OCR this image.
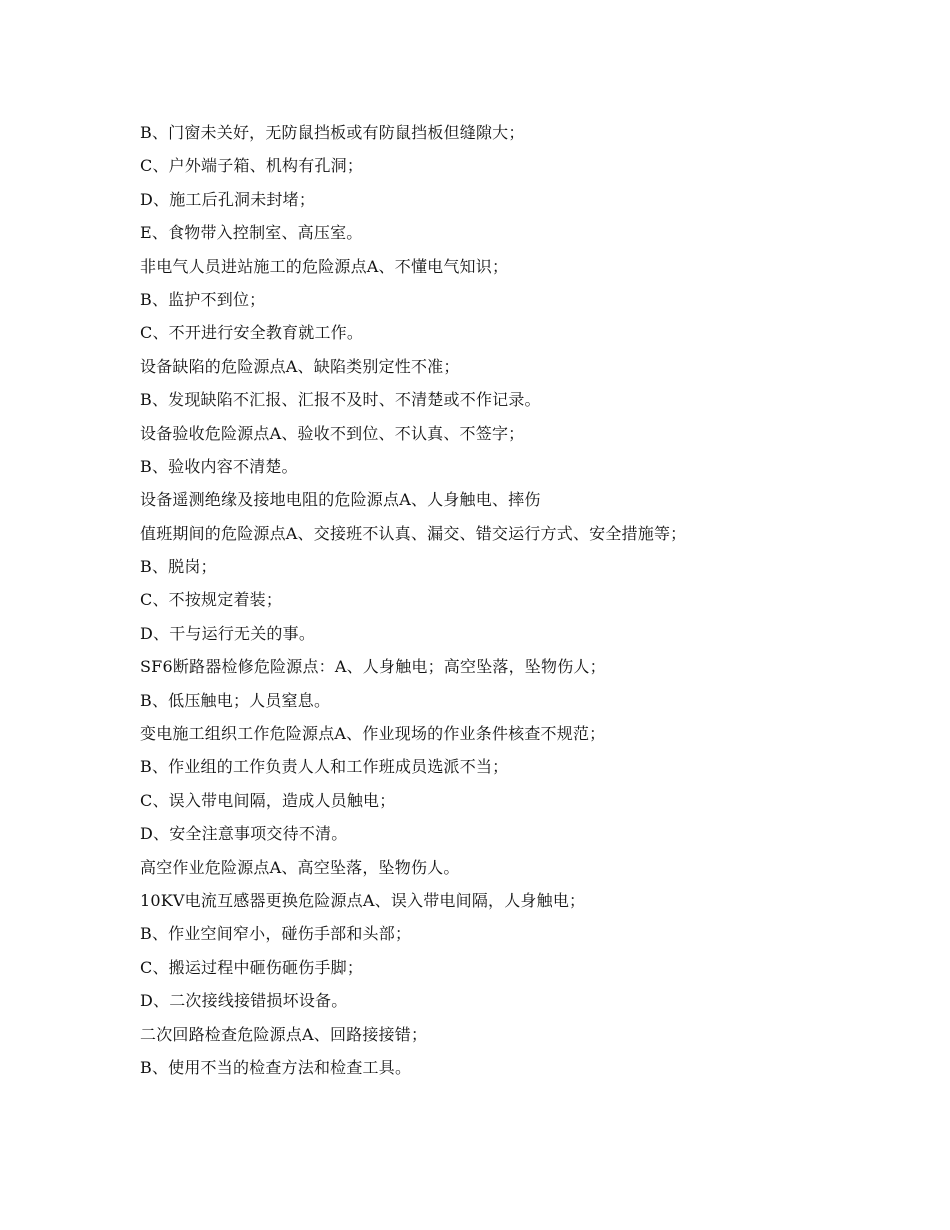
B、门窗未关好，无防鼠挡板或有防鼠挡板但缝隙大；
C、户外端子箱、机构有孔洞；
D、施工后孔洞未封堵；
E、食物带入控制室、高压室。
非电气人员进站施工的危险源点A、不懂电气知识；
B、监护不到位；
C、不开进行安全教育就工作。
设备缺陷的危险源点A、缺陷类别定性不准；
B、发现缺陷不汇报、汇报不及时、不清楚或不作记录。
设备验收危险源点A、验收不到位、不认真、不签字；
B、验收内容不清楚。
设备遥测绝缘及接地电阻的危险源点A、人身触电、摔伤
值班期间的危险源点A、交接班不认真、漏交、错交运行方式、安全措施等；
B、脱岗；
C、不按规定着装；
D、干与运行无关的事。
SF6断路器检修危险源点：A、人身触电；高空坠落，坠物伤人；
B、低压触电；人员窒息。
变电施工组织工作危险源点A、作业现场的作业条件核查不规范；
B、作业组的工作负责人人和工作班成员选派不当；
C、误入带电间隔，造成人员触电；
D、安全注意事项交待不清。
高空作业危险源点A、高空坠落，坠物伤人。
10KV电流互感器更换危险源点A、误入带电间隔，人身触电；
B、作业空间窄小，碰伤手部和头部；
C、搬运过程中砸伤砸伤手脚；
D、二次接线接错损坏设备。
二次回路检查危险源点A、回路接接错；
B、使用不当的检查方法和检查工具。
